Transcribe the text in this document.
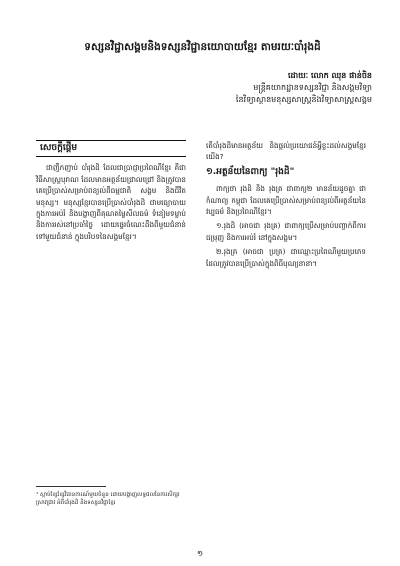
ទស្សនវិជ្ជាសង្គមនិងទស្សនវិជ្ជានយោបាយខ្មែរ តាមរយៈបាំរុងដិ
ដោយៈ លោក ឈុន ផាន់ចិន
មន្ត្រីគយាកដ្ឋានទស្សនវិជ្ជា និងសង្គមវិទ្យា
នៃវិទ្យាស្ថានមនុស្សសាស្ត្រនិងវិទ្យាសាស្ត្រសង្គម
សេចក្ដីផ្ដើម

ជាញឹកញាប់ បាំរុងដិ ដែលជាប្រាជ្ញាប្រពៃណីខ្មែរ គឺជាវិធីសាស្ត្របុរាណ ដែលមានអត្ថន័យជ្រាលជ្រៅ និងត្រូវបានគេប្រើប្រាស់សម្រាប់ពន្យល់ពីធម្មជាតិ សង្គម និងជីវិតមនុស្ស។ មនុស្សខ្មែរបានប្រើប្រាស់បាំរុងដិ ជាមធ្យោបាយក្នុងការអប់រំ និងបង្ហាញពីគុណតម្លៃសីលធម៌ ទំនៀមទម្លាប់ និងការរស់នៅប្រចាំថ្ងៃ ដោយផ្ទេរចំណេះដឹងពីមួយជំនាន់ទៅមួយជំនាន់ ក្នុងបរិបទនៃសង្គមខ្មែរ។

តើបាំរុងដិមានអត្ថន័យ និងផ្ដល់ប្រយោជន៍អ្វីខ្លះដល់សង្គមខ្មែរយើង?

១.អត្ថន័យនៃពាក្យ "រុងដិ"

ពាក្យថា រុងដិ និង រុងគ្រ ជាពាក្យ២ មានន័យដូចគ្នា ជាកំណាព្យ កម្ពុជា ដែលគេប្រើប្រាស់សម្រាប់ពន្យល់ពីអត្ថន័យនៃវប្បធម៌ និងប្រពៃណីខ្មែរ។

១.រុងដិ (អាចជា រុងគ្រ) ជាពាក្យប្រើសម្រាប់បញ្ជាក់ពីការជម្រុញ និងការអប់រំ នៅក្នុងសង្គម។

២.រុងគ្រ (អាចជា ប្រគ្រ) ជាឈ្មោះប្រពៃណីមួយប្រភេទ ដែលត្រូវបានប្រើប្រាស់ក្នុងពិធីបុណ្យនានា។

¹ ស្ដាប់ខ្សែខ្សែវិធានការណ៍មួយចំនួន ដោយបង្ហាញលទ្ធផលនៃការសិក្សាស្រាវជ្រាវ អំពីបាំរុងដិ និងទស្សនវិជ្ជាខ្មែរ
១
